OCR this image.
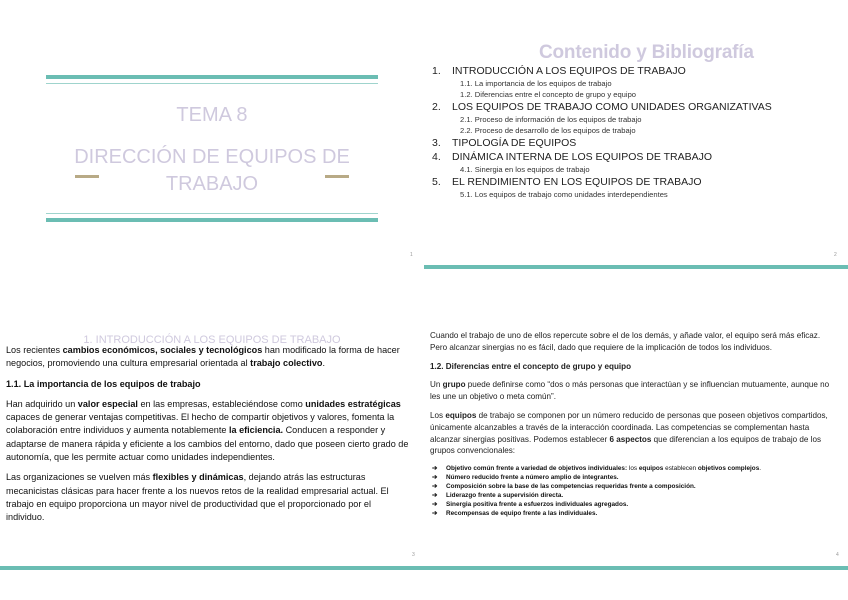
TEMA 8
DIRECCIÓN DE EQUIPOS DE TRABAJO
1
Contenido y Bibliografía
1. INTRODUCCIÓN A LOS EQUIPOS DE TRABAJO
1.1. La importancia de los equipos de trabajo
1.2. Diferencias entre el concepto de grupo y equipo
2. LOS EQUIPOS DE TRABAJO COMO UNIDADES ORGANIZATIVAS
2.1. Proceso de información de los equipos de trabajo
2.2. Proceso de desarrollo de los equipos de trabajo
3. TIPOLOGÍA DE EQUIPOS
4. DINÁMICA INTERNA DE LOS EQUIPOS DE TRABAJO
4.1. Sinergia en los equipos de trabajo
5. EL RENDIMIENTO EN LOS EQUIPOS DE TRABAJO
5.1. Los equipos de trabajo como unidades interdependientes
2
1. INTRODUCCIÓN A LOS EQUIPOS DE TRABAJO

Los recientes cambios económicos, sociales y tecnológicos han modificado la forma de hacer negocios, promoviendo una cultura empresarial orientada al trabajo colectivo.

1.1. La importancia de los equipos de trabajo

Han adquirido un valor especial en las empresas, estableciéndose como unidades estratégicas capaces de generar ventajas competitivas. El hecho de compartir objetivos y valores, fomenta la colaboración entre individuos y aumenta notablemente la eficiencia. Conducen a responder y adaptarse de manera rápida y eficiente a los cambios del entorno, dado que poseen cierto grado de autonomía, que les permite actuar como unidades independientes.

Las organizaciones se vuelven más flexibles y dinámicas, dejando atrás las estructuras mecanicistas clásicas para hacer frente a los nuevos retos de la realidad empresarial actual. El trabajo en equipo proporciona un mayor nivel de productividad que el proporcionado por el individuo.

3

Cuando el trabajo de uno de ellos repercute sobre el de los demás, y añade valor, el equipo será más eficaz. Pero alcanzar sinergias no es fácil, dado que requiere de la implicación de todos los individuos.

1.2. Diferencias entre el concepto de grupo y equipo

Un grupo puede definirse como “dos o más personas que interactúan y se influencian mutuamente, aunque no les une un objetivo o meta común”.

Los equipos de trabajo se componen por un número reducido de personas que poseen objetivos compartidos, únicamente alcanzables a través de la interacción coordinada. Las competencias se complementan hasta alcanzar sinergias positivas. Podemos establecer 6 aspectos que diferencian a los equipos de trabajo de los grupos convencionales:

➔ Objetivo común frente a variedad de objetivos individuales: los equipos establecen objetivos complejos.
➔ Número reducido frente a número amplio de integrantes.
➔ Composición sobre la base de las competencias requeridas frente a composición.
➔ Liderazgo frente a supervisión directa.
➔ Sinergia positiva frente a esfuerzos individuales agregados.
➔ Recompensas de equipo frente a las individuales.
4
